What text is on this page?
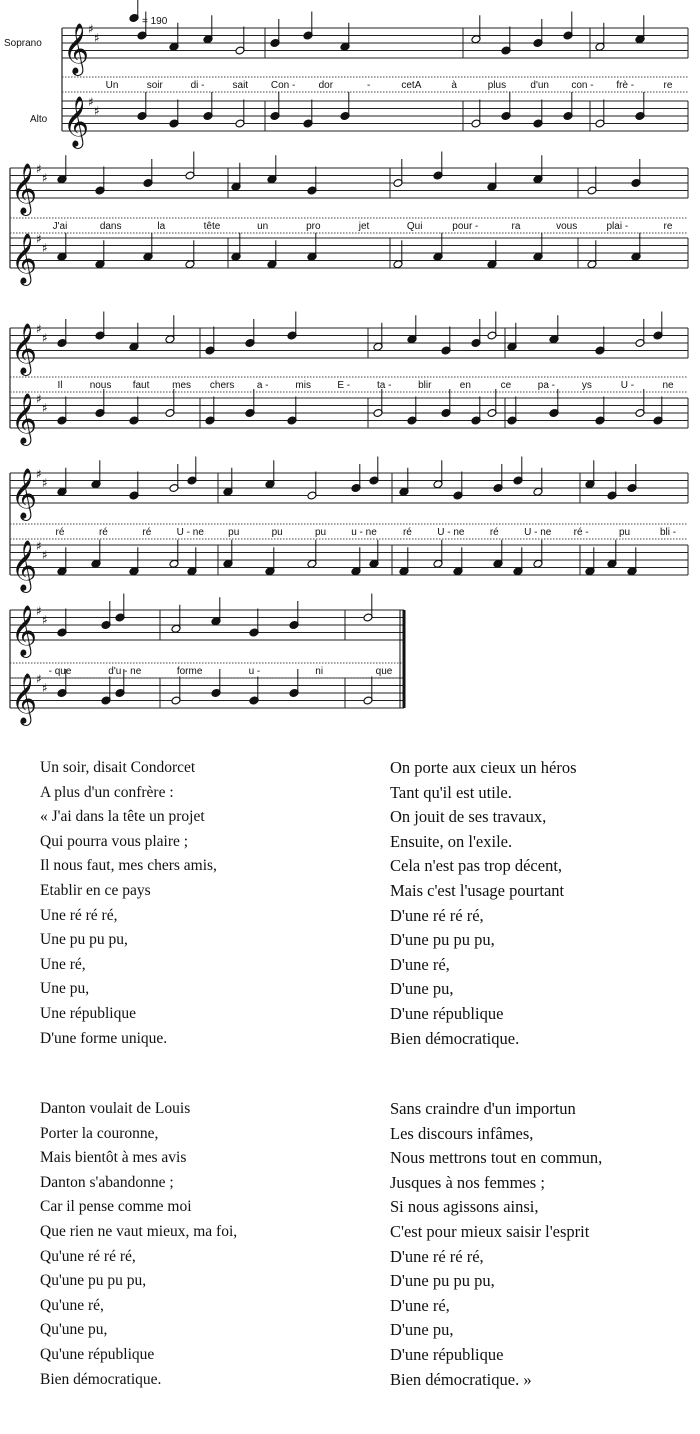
𝄞
♯
♯
𝄞
♯
♯
Un	soir	di -	sait Con - dor	-	cetA	à	plus d'un con - frè -	re
𝄞
♯
♯
𝄞
♯
♯
J'ai	dans	la	tête	un	pro	jet	Qui	pour -	ra	vous	plai -	re
𝄞
♯
♯
𝄞
♯
♯
Il	nous faut mes chers a -	mis	E -	ta -	blir	en	ce	pa -	ys	U -	ne
𝄞
♯
♯
𝄞
♯
♯
ré	ré	ré	U - ne pu	pu	pu	u - ne	ré	U - ne	ré	U - ne ré -	pu	bli -
𝄞
♯
♯
𝄞
♯
♯
- que	d'u - ne	forme	u -	ni	que
Soprano
Alto
= 190
Un soir, disait Condorcet
A plus d'un confrère :
« J'ai dans la tête un projet
Qui pourra vous plaire ;
Il nous faut, mes chers amis,
Etablir en ce pays
Une ré ré ré,
Une pu pu pu,
Une ré,
Une pu,
Une république
D'une forme unique.
On porte aux cieux un héros
Tant qu'il est utile.
On jouit de ses travaux,
Ensuite, on l'exile.
Cela n'est pas trop décent,
Mais c'est l'usage pourtant
D'une ré ré ré,
D'une pu pu pu,
D'une ré,
D'une pu,
D'une république
Bien démocratique.
Danton voulait de Louis
Porter la couronne,
Mais bientôt à mes avis
Danton s'abandonne ;
Car il pense comme moi
Que rien ne vaut mieux, ma foi,
Qu'une ré ré ré,
Qu'une pu pu pu,
Qu'une ré,
Qu'une pu,
Qu'une république
Bien démocratique.
Sans craindre d'un importun
Les discours infâmes,
Nous mettrons tout en commun,
Jusques à nos femmes ;
Si nous agissons ainsi,
C'est pour mieux saisir l'esprit
D'une ré ré ré,
D'une pu pu pu,
D'une ré,
D'une pu,
D'une république
Bien démocratique. »
